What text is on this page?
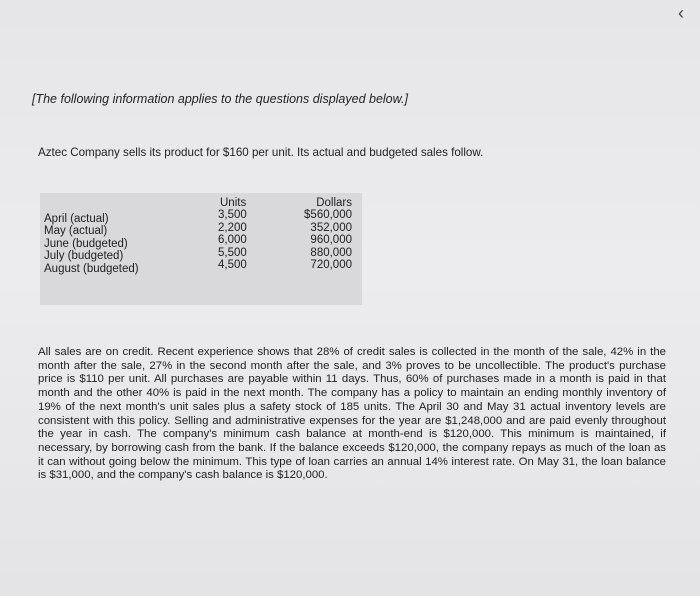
‹
[The following information applies to the questions displayed below.]
Aztec Company sells its product for $160 per unit. Its actual and budgeted sales follow.
April (actual)
May (actual)
June (budgeted)
July (budgeted)
August (budgeted)
Units
3,500
2,200
6,000
5,500
4,500
Dollars
$560,000
352,000
960,000
880,000
720,000
All sales are on credit. Recent experience shows that 28% of credit sales is collected in the month of the sale, 42% in the month after the sale, 27% in the second month after the sale, and 3% proves to be uncollectible. The product's purchase price is $110 per unit. All purchases are payable within 11 days. Thus, 60% of purchases made in a month is paid in that month and the other 40% is paid in the next month. The company has a policy to maintain an ending monthly inventory of 19% of the next month's unit sales plus a safety stock of 185 units. The April 30 and May 31 actual inventory levels are consistent with this policy. Selling and administrative expenses for the year are $1,248,000 and are paid evenly throughout the year in cash. The company's minimum cash balance at month-end is $120,000. This minimum is maintained, if necessary, by borrowing cash from the bank. If the balance exceeds $120,000, the company repays as much of the loan as it can without going below the minimum. This type of loan carries an annual 14% interest rate. On May 31, the loan balance is $31,000, and the company's cash balance is $120,000.
